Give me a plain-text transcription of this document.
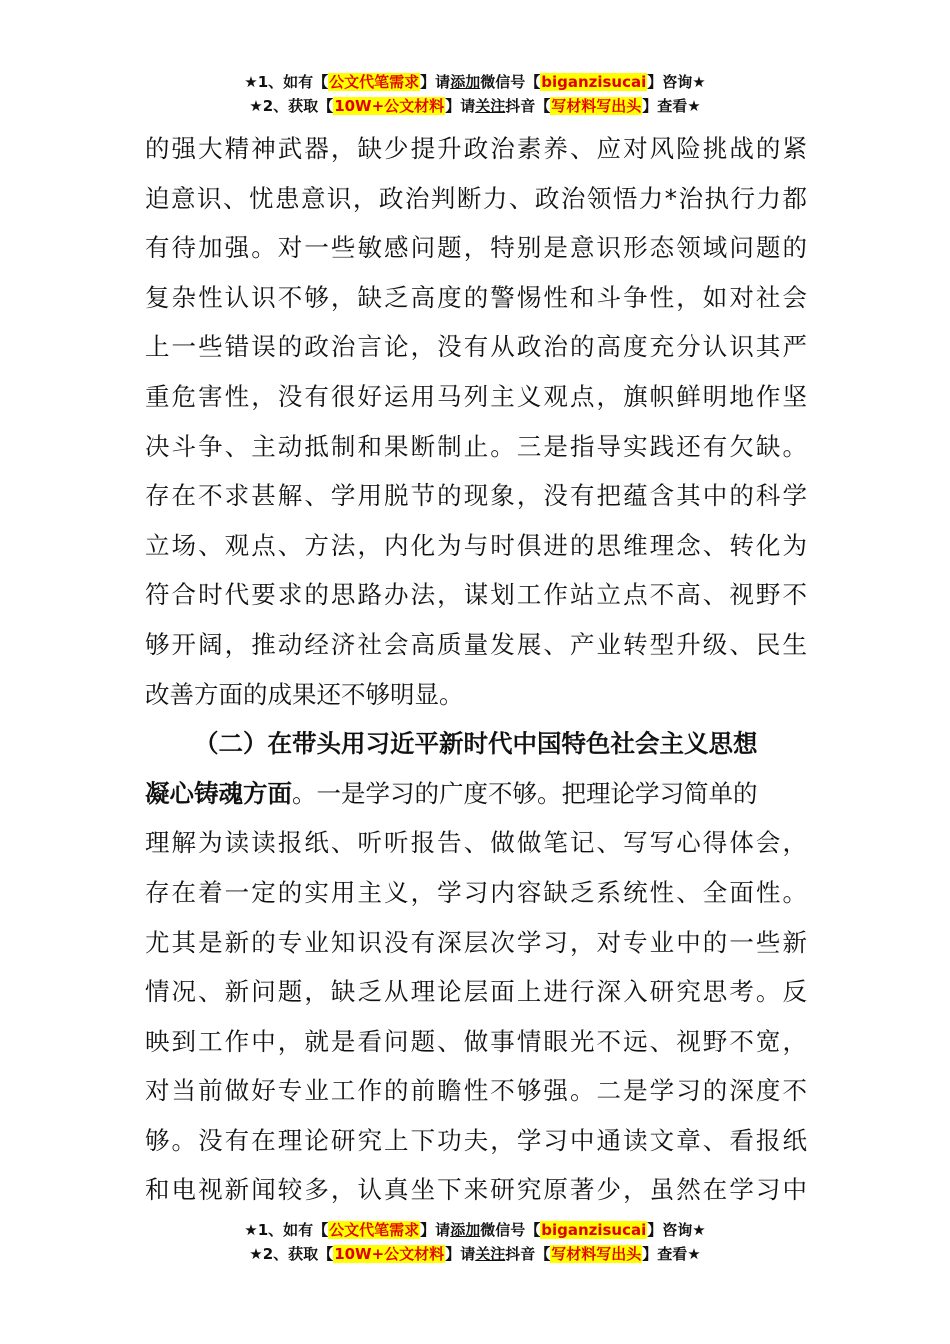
★1、如有【公文代笔需求】请添加微信号【biganzisucai】咨询★
★2、获取【10W+公文材料】请关注抖音【写材料写出头】查看★
的强大精神武器，缺少提升政治素养、应对风险挑战的紧
迫意识、忧患意识，政治判断力、政治领悟力*治执行力都
有待加强。对一些敏感问题，特别是意识形态领域问题的
复杂性认识不够，缺乏高度的警惕性和斗争性，如对社会
上一些错误的政治言论，没有从政治的高度充分认识其严
重危害性，没有很好运用马列主义观点，旗帜鲜明地作坚
决斗争、主动抵制和果断制止。三是指导实践还有欠缺。
存在不求甚解、学用脱节的现象，没有把蕴含其中的科学
立场、观点、方法，内化为与时俱进的思维理念、转化为
符合时代要求的思路办法，谋划工作站立点不高、视野不
够开阔，推动经济社会高质量发展、产业转型升级、民生
改善方面的成果还不够明显。
（二）在带头用习近平新时代中国特色社会主义思想
凝心铸魂方面。一是学习的广度不够。把理论学习简单的
理解为读读报纸、听听报告、做做笔记、写写心得体会，
存在着一定的实用主义，学习内容缺乏系统性、全面性。
尤其是新的专业知识没有深层次学习，对专业中的一些新
情况、新问题，缺乏从理论层面上进行深入研究思考。反
映到工作中，就是看问题、做事情眼光不远、视野不宽，
对当前做好专业工作的前瞻性不够强。二是学习的深度不
够。没有在理论研究上下功夫，学习中通读文章、看报纸
和电视新闻较多，认真坐下来研究原著少，虽然在学习中
★1、如有【公文代笔需求】请添加微信号【biganzisucai】咨询★
★2、获取【10W+公文材料】请关注抖音【写材料写出头】查看★
